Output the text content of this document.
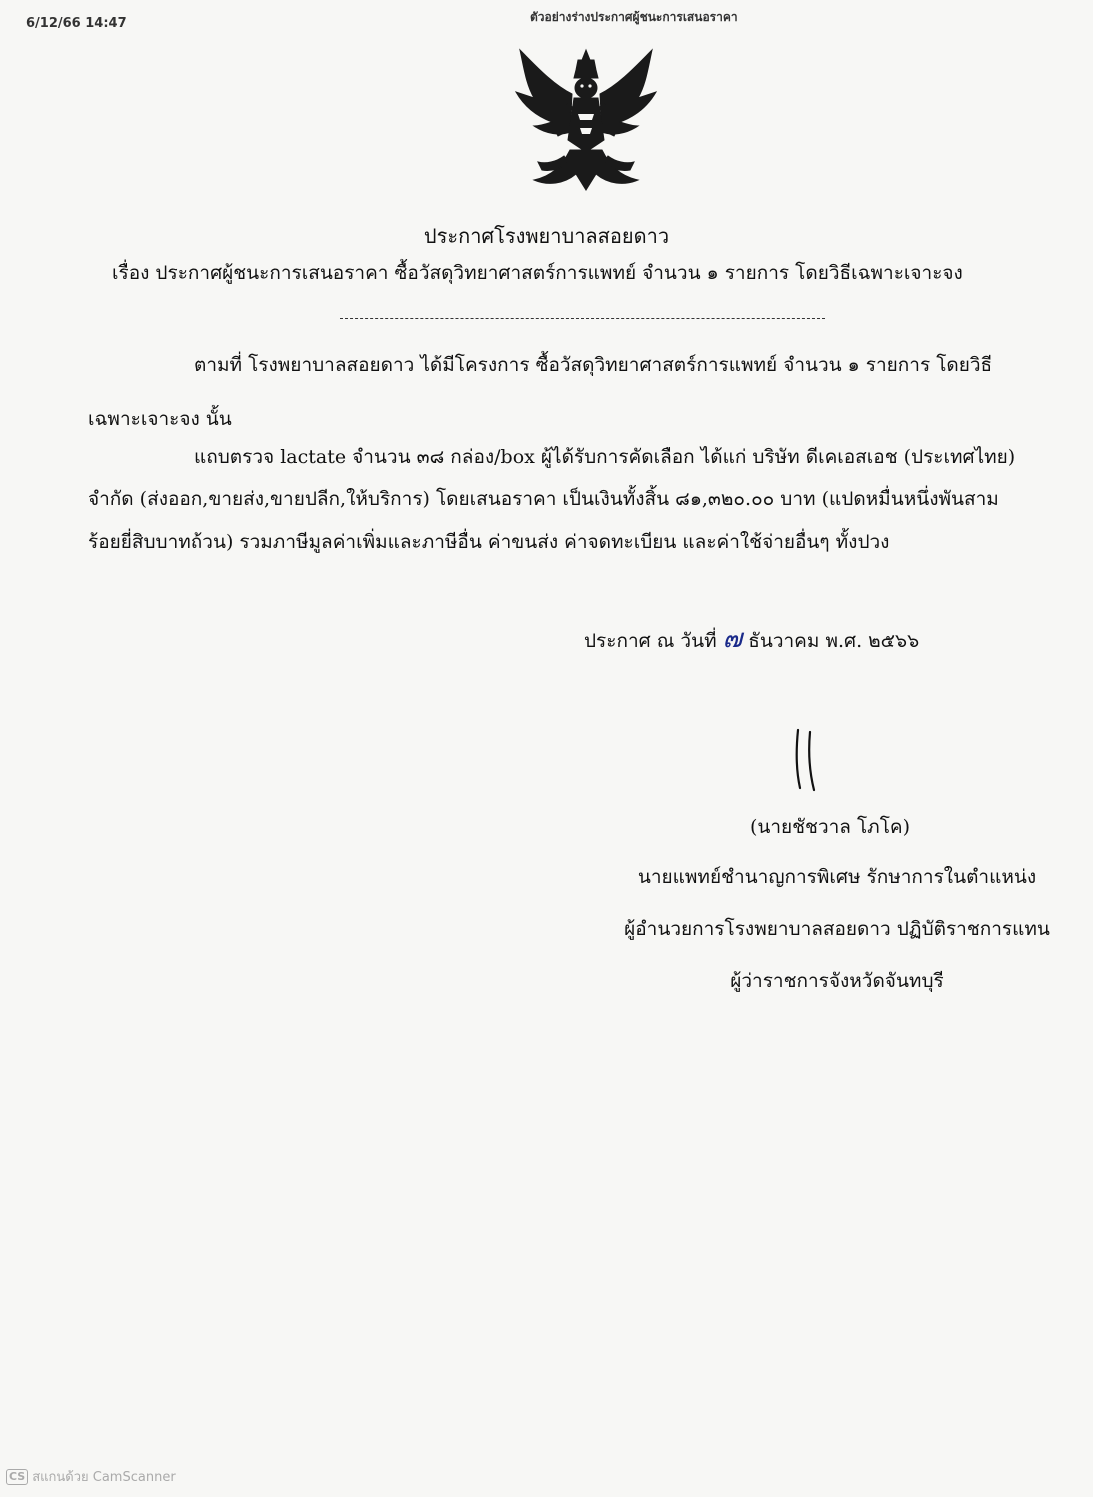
6/12/66 14:47	ตัวอย่างร่างประกาศผู้ชนะการเสนอราคา
ประกาศโรงพยาบาลสอยดาว
เรื่อง ประกาศผู้ชนะการเสนอราคา ซื้อวัสดุวิทยาศาสตร์การแพทย์ จำนวน ๑ รายการ โดยวิธีเฉพาะเจาะจง
ตามที่ โรงพยาบาลสอยดาว ได้มีโครงการ ซื้อวัสดุวิทยาศาสตร์การแพทย์ จำนวน ๑ รายการ โดยวิธี
เฉพาะเจาะจง นั้น
แถบตรวจ lactate จำนวน ๓๘ กล่อง/box ผู้ได้รับการคัดเลือก ได้แก่ บริษัท ดีเคเอสเอช (ประเทศไทย)
จำกัด (ส่งออก,ขายส่ง,ขายปลีก,ให้บริการ) โดยเสนอราคา เป็นเงินทั้งสิ้น ๘๑,๓๒๐.๐๐ บาท (แปดหมื่นหนึ่งพันสาม
ร้อยยี่สิบบาทถ้วน) รวมภาษีมูลค่าเพิ่มและภาษีอื่น ค่าขนส่ง ค่าจดทะเบียน และค่าใช้จ่ายอื่นๆ ทั้งปวง
ประกาศ ณ วันที่ ๗ ธันวาคม พ.ศ. ๒๕๖๖
(นายชัชวาล โภโค)
นายแพทย์ชำนาญการพิเศษ รักษาการในตำแหน่ง
ผู้อำนวยการโรงพยาบาลสอยดาว ปฏิบัติราชการแทน
ผู้ว่าราชการจังหวัดจันทบุรี
CS สแกนด้วย CamScanner
